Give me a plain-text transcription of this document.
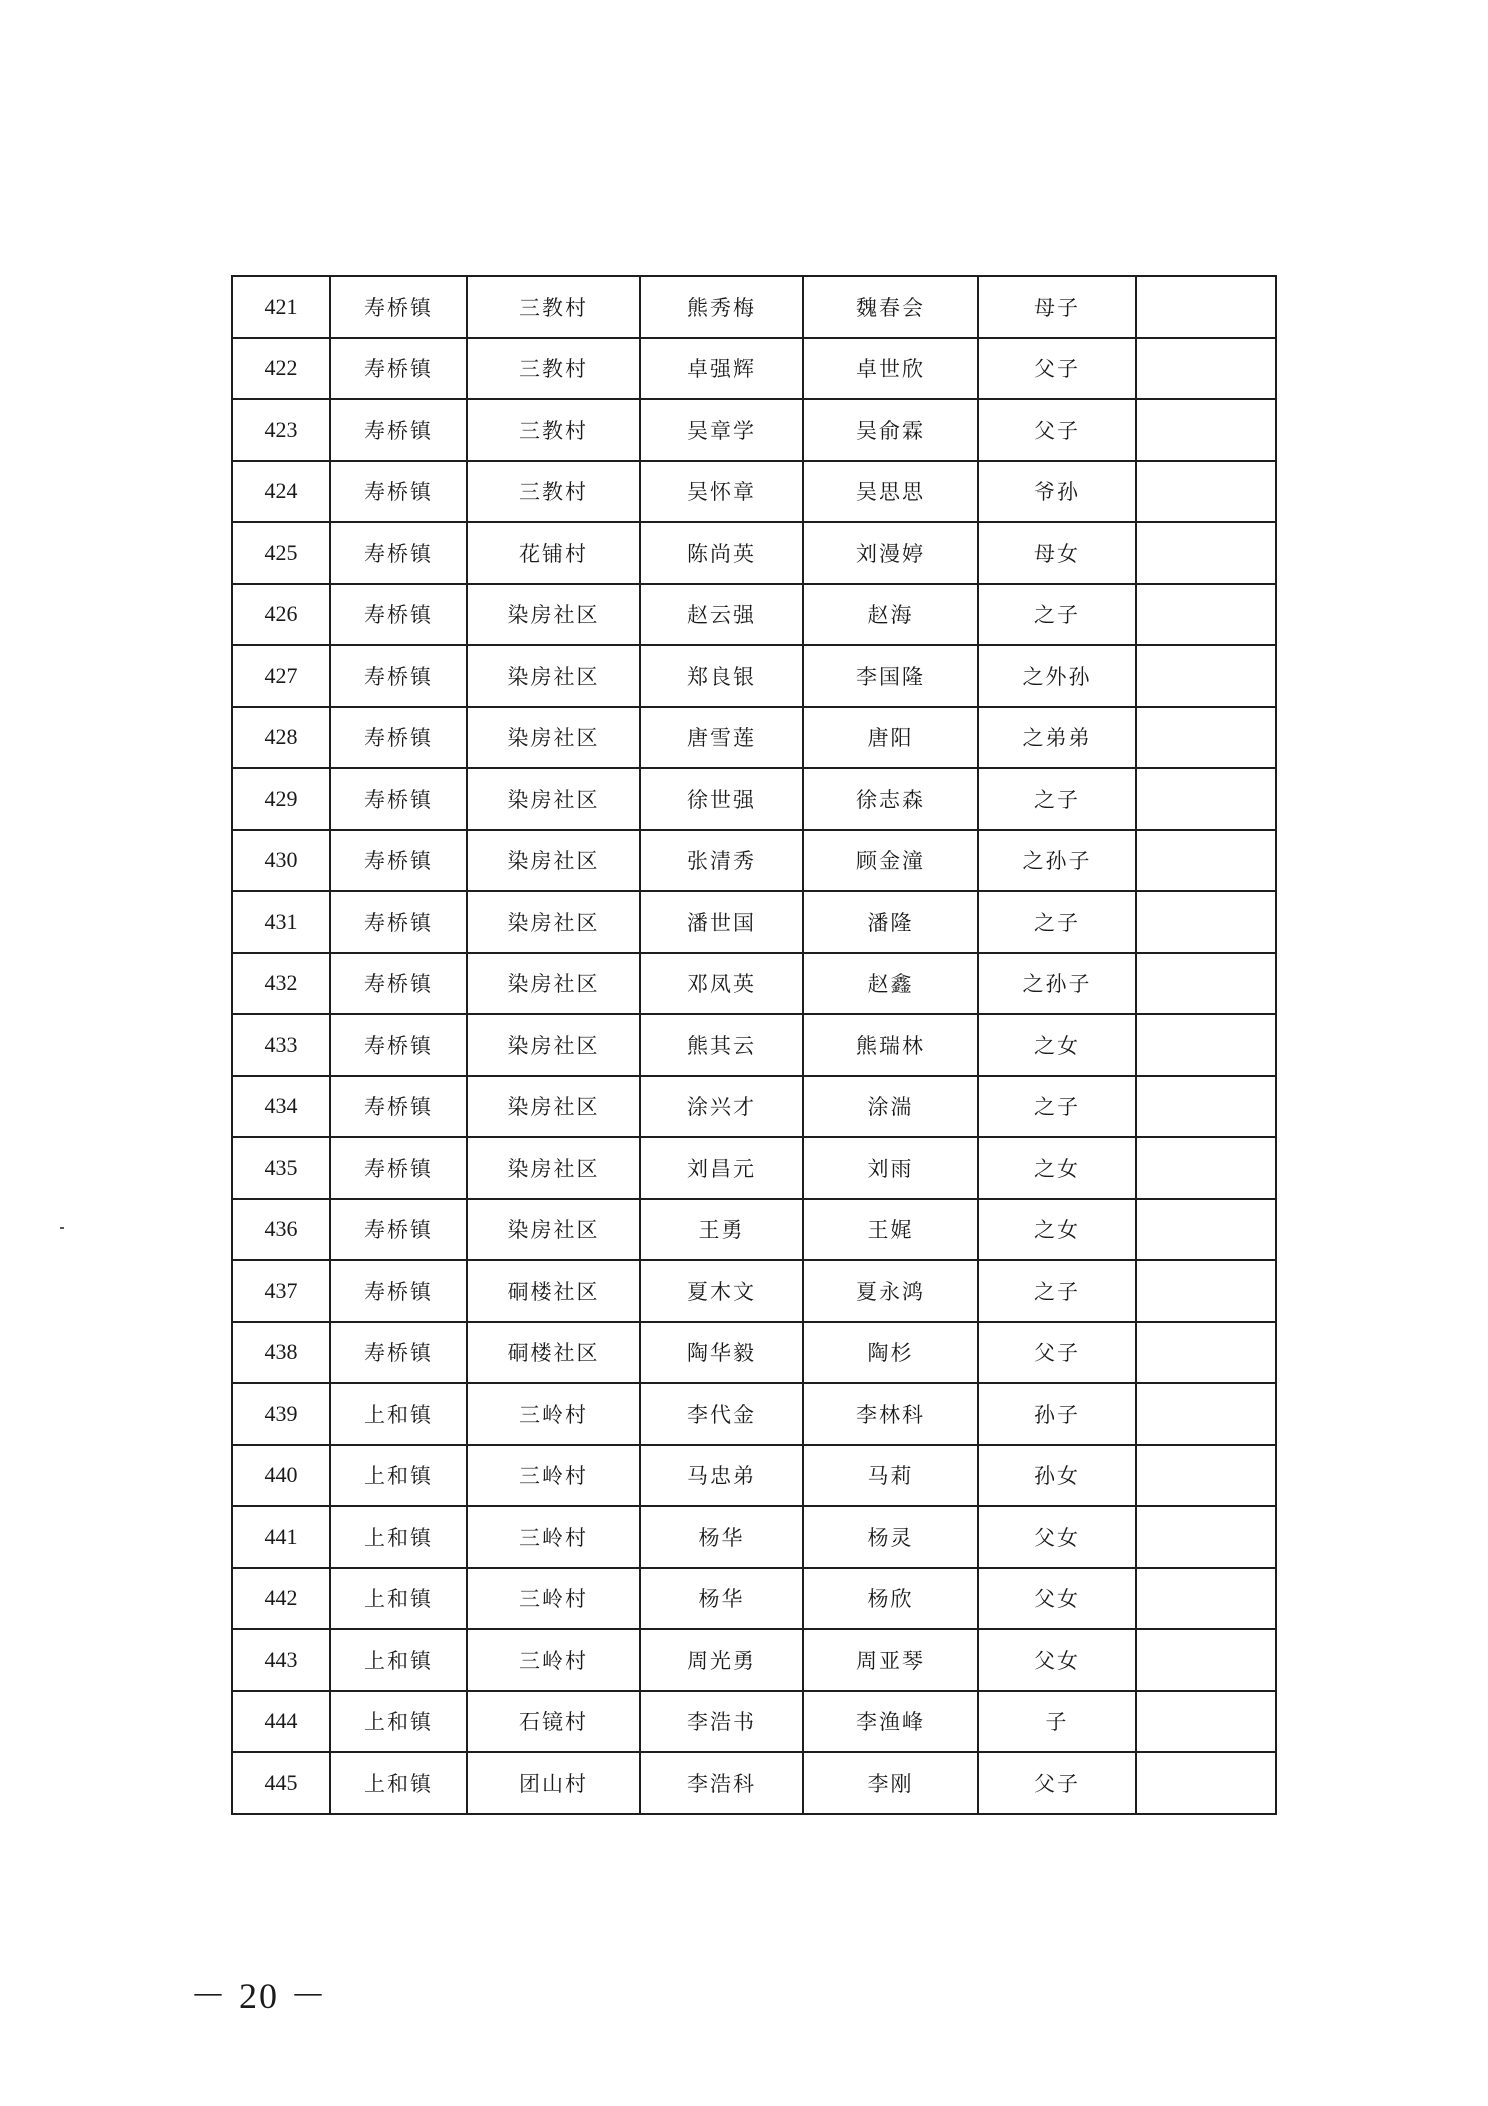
421	寿桥镇	三教村	熊秀梅	魏春会	母子	
422	寿桥镇	三教村	卓强辉	卓世欣	父子	
423	寿桥镇	三教村	吴章学	吴俞霖	父子	
424	寿桥镇	三教村	吴怀章	吴思思	爷孙	
425	寿桥镇	花铺村	陈尚英	刘漫婷	母女	
426	寿桥镇	染房社区	赵云强	赵海	之子	
427	寿桥镇	染房社区	郑良银	李国隆	之外孙	
428	寿桥镇	染房社区	唐雪莲	唐阳	之弟弟	
429	寿桥镇	染房社区	徐世强	徐志森	之子	
430	寿桥镇	染房社区	张清秀	顾金潼	之孙子	
431	寿桥镇	染房社区	潘世国	潘隆	之子	
432	寿桥镇	染房社区	邓凤英	赵鑫	之孙子	
433	寿桥镇	染房社区	熊其云	熊瑞林	之女	
434	寿桥镇	染房社区	涂兴才	涂湍	之子	
435	寿桥镇	染房社区	刘昌元	刘雨	之女	
436	寿桥镇	染房社区	王勇	王娓	之女	
437	寿桥镇	硐楼社区	夏木文	夏永鸿	之子	
438	寿桥镇	硐楼社区	陶华毅	陶杉	父子	
439	上和镇	三岭村	李代金	李林科	孙子	
440	上和镇	三岭村	马忠弟	马莉	孙女	
441	上和镇	三岭村	杨华	杨灵	父女	
442	上和镇	三岭村	杨华	杨欣	父女	
443	上和镇	三岭村	周光勇	周亚琴	父女	
444	上和镇	石镜村	李浩书	李渔峰	子	
445	上和镇	团山村	李浩科	李刚	父子	
－ 20 －
